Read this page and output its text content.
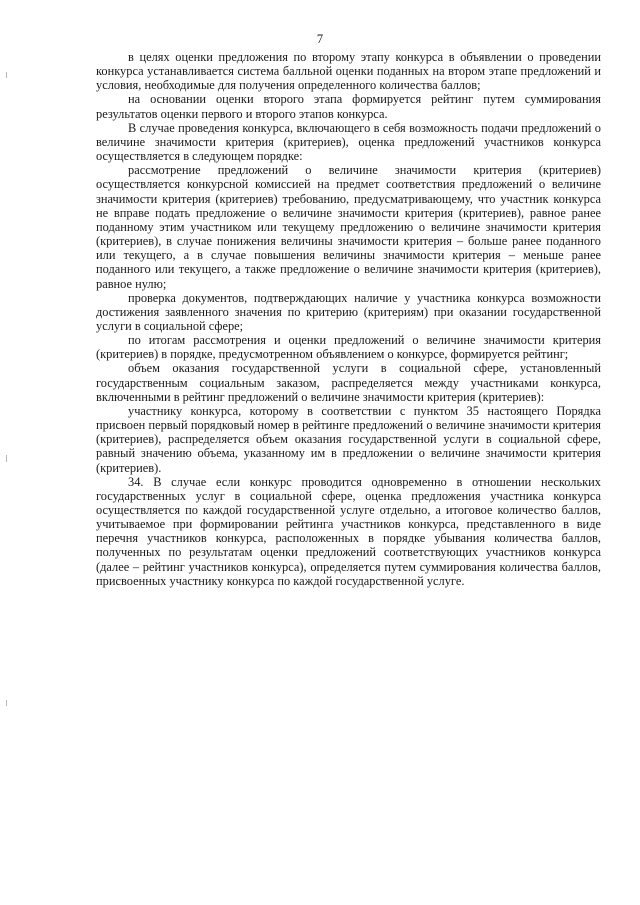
7

в целях оценки предложения по второму этапу конкурса в объявлении о проведении конкурса устанавливается система балльной оценки поданных на втором этапе предложений и условия, необходимые для получения определенного количества баллов;

на основании оценки второго этапа формируется рейтинг путем суммирования результатов оценки первого и второго этапов конкурса.

В случае проведения конкурса, включающего в себя возможность подачи предложений о величине значимости критерия (критериев), оценка предложений участников конкурса осуществляется в следующем порядке:

рассмотрение предложений о величине значимости критерия (критериев) осуществляется конкурсной комиссией на предмет соответствия предложений о величине значимости критерия (критериев) требованию, предусматривающему, что участник конкурса не вправе подать предложение о величине значимости критерия (критериев), равное ранее поданному этим участником или текущему предложению о величине значимости критерия (критериев), в случае понижения величины значимости критерия – больше ранее поданного или текущего, а в случае повышения величины значимости критерия – меньше ранее поданного или текущего, а также предложение о величине значимости критерия (критериев), равное нулю;

проверка документов, подтверждающих наличие у участника конкурса возможности достижения заявленного значения по критерию (критериям) при оказании государственной услуги в социальной сфере;

по итогам рассмотрения и оценки предложений о величине значимости критерия (критериев) в порядке, предусмотренном объявлением о конкурсе, формируется рейтинг;

объем оказания государственной услуги в социальной сфере, установленный государственным социальным заказом, распределяется между участниками конкурса, включенными в рейтинг предложений о величине значимости критерия (критериев):

участнику конкурса, которому в соответствии с пунктом 35 настоящего Порядка присвоен первый порядковый номер в рейтинге предложений о величине значимости критерия (критериев), распределяется объем оказания государственной услуги в социальной сфере, равный значению объема, указанному им в предложении о величине значимости критерия (критериев).

34. В случае если конкурс проводится одновременно в отношении нескольких государственных услуг в социальной сфере, оценка предложения участника конкурса осуществляется по каждой государственной услуге отдельно, а итоговое количество баллов, учитываемое при формировании рейтинга участников конкурса, представленного в виде перечня участников конкурса, расположенных в порядке убывания количества баллов, полученных по результатам оценки предложений соответствующих участников конкурса (далее – рейтинг участников конкурса), определяется путем суммирования количества баллов, присвоенных участнику конкурса по каждой государственной услуге.
